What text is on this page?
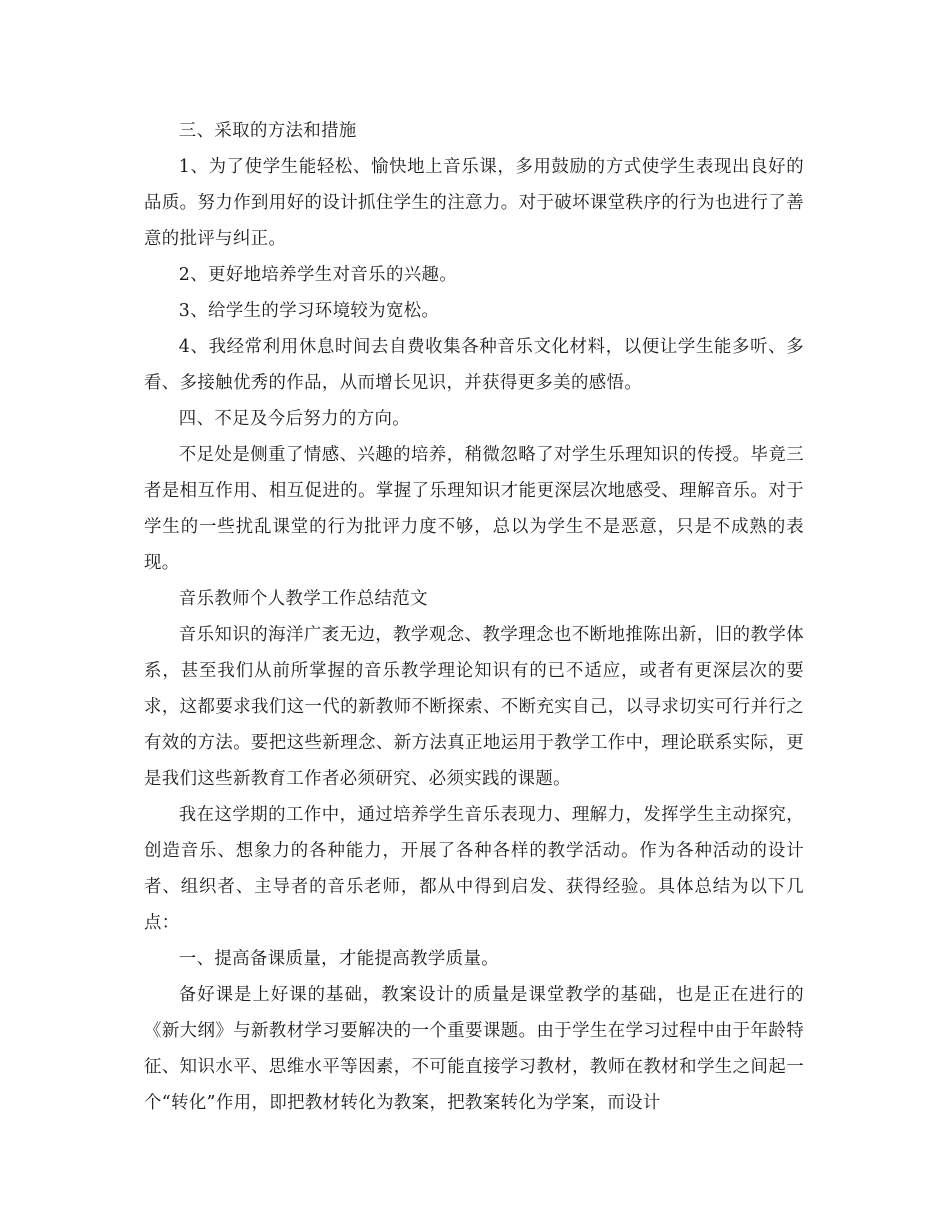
三、采取的方法和措施

1、为了使学生能轻松、愉快地上音乐课，多用鼓励的方式使学生表现出良好的品质。努力作到用好的设计抓住学生的注意力。对于破坏课堂秩序的行为也进行了善意的批评与纠正。

2、更好地培养学生对音乐的兴趣。

3、给学生的学习环境较为宽松。

4、我经常利用休息时间去自费收集各种音乐文化材料，以便让学生能多听、多看、多接触优秀的作品，从而增长见识，并获得更多美的感悟。

四、不足及今后努力的方向。

不足处是侧重了情感、兴趣的培养，稍微忽略了对学生乐理知识的传授。毕竟三者是相互作用、相互促进的。掌握了乐理知识才能更深层次地感受、理解音乐。对于学生的一些扰乱课堂的行为批评力度不够，总以为学生不是恶意，只是不成熟的表现。

音乐教师个人教学工作总结范文

音乐知识的海洋广袤无边，教学观念、教学理念也不断地推陈出新，旧的教学体系，甚至我们从前所掌握的音乐教学理论知识有的已不适应，或者有更深层次的要求，这都要求我们这一代的新教师不断探索、不断充实自己，以寻求切实可行并行之有效的方法。要把这些新理念、新方法真正地运用于教学工作中，理论联系实际，更是我们这些新教育工作者必须研究、必须实践的课题。

我在这学期的工作中，通过培养学生音乐表现力、理解力，发挥学生主动探究，创造音乐、想象力的各种能力，开展了各种各样的教学活动。作为各种活动的设计者、组织者、主导者的音乐老师，都从中得到启发、获得经验。具体总结为以下几点：

一、提高备课质量，才能提高教学质量。

备好课是上好课的基础，教案设计的质量是课堂教学的基础，也是正在进行的《新大纲》与新教材学习要解决的一个重要课题。由于学生在学习过程中由于年龄特征、知识水平、思维水平等因素，不可能直接学习教材，教师在教材和学生之间起一个“转化”作用，即把教材转化为教案，把教案转化为学案，而设计
